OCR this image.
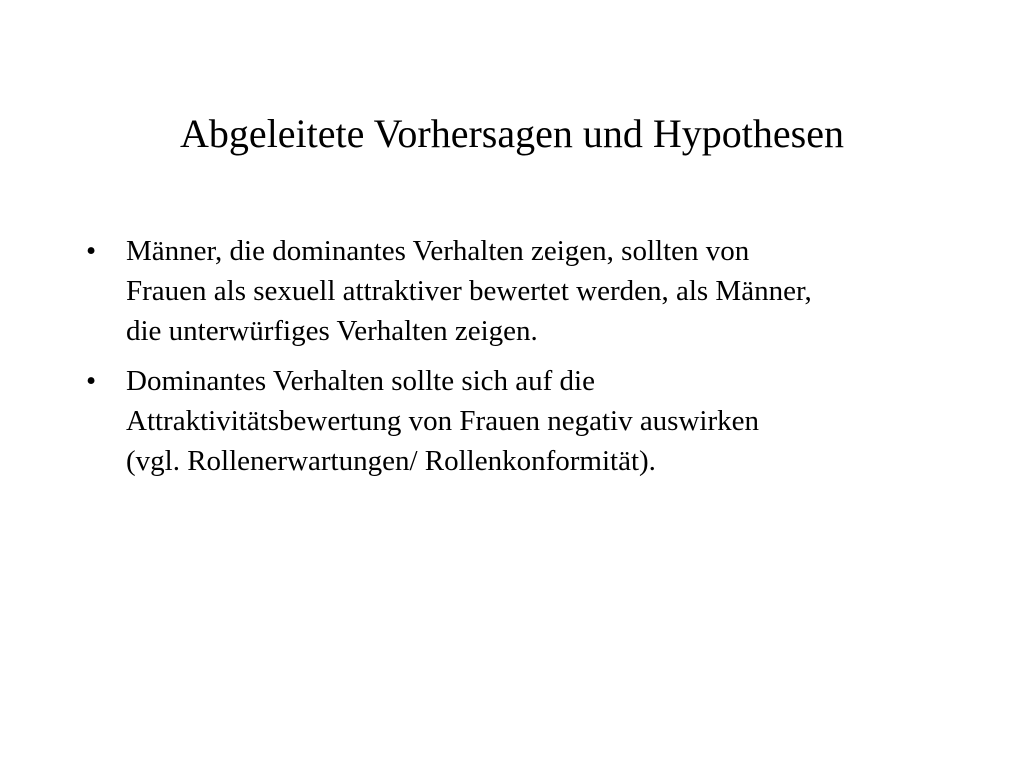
Abgeleitete Vorhersagen und Hypothesen
•	Männer, die dominantes Verhalten zeigen, sollten von
Frauen als sexuell attraktiver bewertet werden, als Männer,
die unterwürfiges Verhalten zeigen.
•	Dominantes Verhalten sollte sich auf die
Attraktivitätsbewertung von Frauen negativ auswirken
(vgl. Rollenerwartungen/ Rollenkonformität).
